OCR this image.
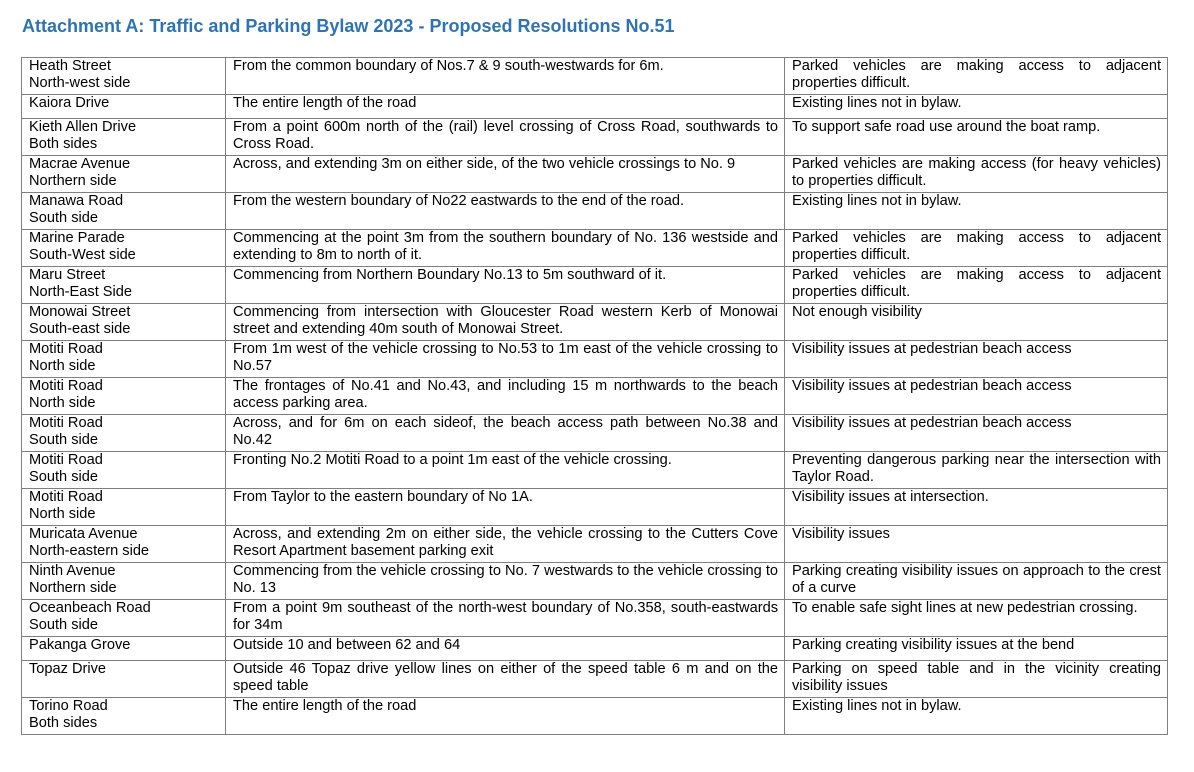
Attachment A: Traffic and Parking Bylaw 2023 - Proposed Resolutions No.51
Heath Street
North-west side	From the common boundary of Nos.7 & 9 south-westwards for 6m.	Parked vehicles are making access to adjacent properties difficult.

Kaiora Drive	The entire length of the road	Existing lines not in bylaw.

Kieth Allen Drive
Both sides	From a point 600m north of the (rail) level crossing of Cross Road, southwards to Cross Road.	To support safe road use around the boat ramp.

Macrae Avenue
Northern side	Across, and extending 3m on either side, of the two vehicle crossings to No. 9	Parked vehicles are making access (for heavy vehicles) to properties difficult.

Manawa Road
South side	From the western boundary of No22 eastwards to the end of the road.	Existing lines not in bylaw.

Marine Parade
South-West side	Commencing at the point 3m from the southern boundary of No. 136 westside and extending to 8m to north of it.	Parked vehicles are making access to adjacent properties difficult.

Maru Street
North-East Side	Commencing from Northern Boundary No.13 to 5m southward of it.	Parked vehicles are making access to adjacent properties difficult.

Monowai Street
South-east side	Commencing from intersection with Gloucester Road western Kerb of Monowai street and extending 40m south of Monowai Street.	Not enough visibility

Motiti Road
North side	From 1m west of the vehicle crossing to No.53 to 1m east of the vehicle crossing to No.57	Visibility issues at pedestrian beach access

Motiti Road
North side	The frontages of No.41 and No.43, and including 15 m northwards to the beach access parking area.	Visibility issues at pedestrian beach access

Motiti Road
South side	Across, and for 6m on each sideof, the beach access path between No.38 and No.42	Visibility issues at pedestrian beach access

Motiti Road
South side	Fronting No.2 Motiti Road to a point 1m east of the vehicle crossing.	Preventing dangerous parking near the intersection with Taylor Road.

Motiti Road
North side	From Taylor to the eastern boundary of No 1A.	Visibility issues at intersection.

Muricata Avenue
North-eastern side	Across, and extending 2m on either side, the vehicle crossing to the Cutters Cove Resort Apartment basement parking exit	Visibility issues

Ninth Avenue
Northern side	Commencing from the vehicle crossing to No. 7 westwards to the vehicle crossing to No. 13	Parking creating visibility issues on approach to the crest of a curve

Oceanbeach Road
South side	From a point 9m southeast of the north-west boundary of No.358, south-eastwards for 34m	To enable safe sight lines at new pedestrian crossing.

Pakanga Grove	Outside 10 and between 62 and 64	Parking creating visibility issues at the bend

Topaz Drive	Outside 46 Topaz drive yellow lines on either of the speed table 6 m and on the speed table	Parking on speed table and in the vicinity creating visibility issues

Torino Road
Both sides	The entire length of the road	Existing lines not in bylaw.
